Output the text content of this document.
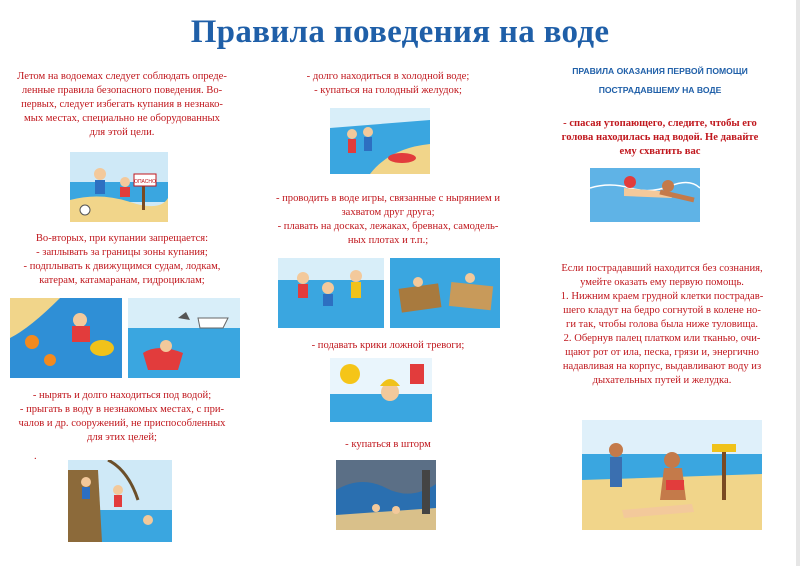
Правила поведения на воде
Летом на водоемах следует соблюдать опреде-
ленные правила безопасного поведения. Во-
первых, следует избегать купания в незнако-
мых местах, специально не оборудованных
для этой цели.
ОПАСНО
Во-вторых, при купании запрещается:
- заплывать за границы зоны купания;
- подплывать к движущимся судам, лодкам,
катерам, катамаранам, гидроциклам;
- нырять и долго находиться под водой;
- прыгать в воду в незнакомых местах, с при-
чалов и др. сооружений, не приспособленных
для этих целей;
.
- долго находиться в холодной воде;
- купаться на голодный желудок;
- проводить в воде игры, связанные с нырянием и
захватом друг друга;
- плавать на досках, лежаках, бревнах, самодель-
ных плотах и т.п.;
- подавать крики ложной тревоги;
- купаться в шторм
ПРАВИЛА ОКАЗАНИЯ ПЕРВОЙ ПОМОЩИ
ПОСТРАДАВШЕМУ НА ВОДЕ
- спасая утопающего, следите, чтобы его
голова находилась над водой. Не давайте
ему схватить вас
Если пострадавший находится без сознания,
умейте оказать ему первую помощь.
1. Нижним краем грудной клетки пострадав-
шего кладут на бедро согнутой в колене но-
ги так, чтобы голова была ниже туловища.
2. Обернув палец платком или тканью, очи-
щают рот от ила, песка, грязи и, энергично
надавливая на корпус, выдавливают воду из
дыхательных путей и желудка.
